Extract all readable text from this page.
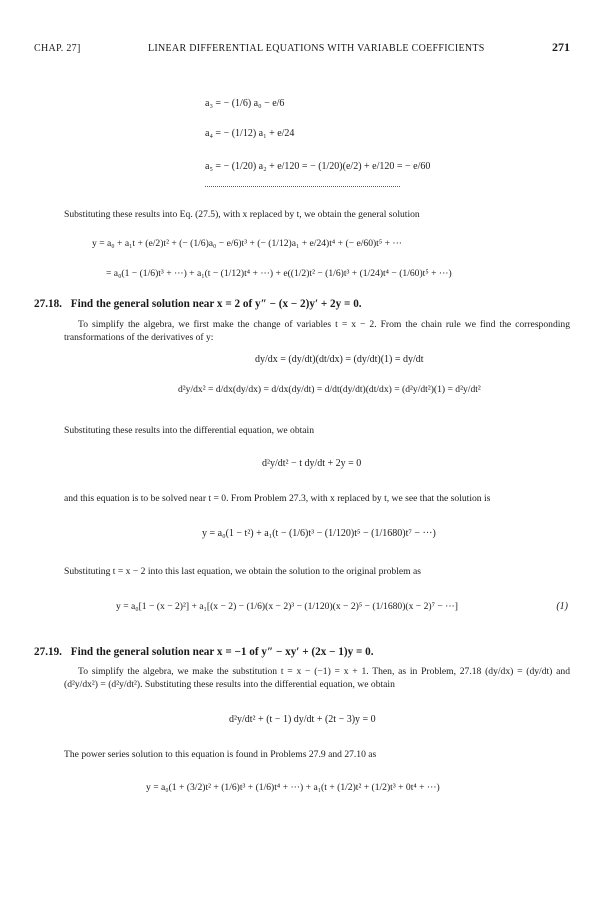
CHAP. 27]	LINEAR DIFFERENTIAL EQUATIONS WITH VARIABLE COEFFICIENTS	271
a₃ = − (1/6) a₀ − e/6
a₄ = − (1/12) a₁ + e/24
a₅ = − (1/20) a₂ + e/120 = − (1/20)(e/2) + e/120 = − e/60
Substituting these results into Eq. (27.5), with x replaced by t, we obtain the general solution
y = a₀ + a₁t + (e/2)t² + (− (1/6)a₀ − e/6)t³ + (− (1/12)a₁ + e/24)t⁴ + (− e/60)t⁵ + ···
= a₀(1 − (1/6)t³ + ···) + a₁(t − (1/12)t⁴ + ···) + e((1/2)t² − (1/6)t³ + (1/24)t⁴ − (1/60)t⁵ + ···)
27.18. Find the general solution near x = 2 of y″ − (x − 2)y′ + 2y = 0.
To simplify the algebra, we first make the change of variables t = x − 2. From the chain rule we find the corresponding transformations of the derivatives of y:
dy/dx = (dy/dt)(dt/dx) = (dy/dt)(1) = dy/dt
d²y/dx² = d/dx(dy/dx) = d/dx(dy/dt) = d/dt(dy/dt)(dt/dx) = (d²y/dt²)(1) = d²y/dt²
Substituting these results into the differential equation, we obtain
d²y/dt² − t dy/dt + 2y = 0
and this equation is to be solved near t = 0. From Problem 27.3, with x replaced by t, we see that the solution is
y = a₀(1 − t²) + a₁(t − (1/6)t³ − (1/120)t⁵ − (1/1680)t⁷ − ···)
Substituting t = x − 2 into this last equation, we obtain the solution to the original problem as
y = a₀[1 − (x − 2)²] + a₁[(x − 2) − (1/6)(x − 2)³ − (1/120)(x − 2)⁵ − (1/1680)(x − 2)⁷ − ···]	(1)
27.19. Find the general solution near x = −1 of y″ − xy′ + (2x − 1)y = 0.
To simplify the algebra, we make the substitution t = x − (−1) = x + 1. Then, as in Problem, 27.18 (dy/dx) = (dy/dt) and (d²y/dx²) = (d²y/dt²). Substituting these results into the differential equation, we obtain
d²y/dt² + (t − 1) dy/dt + (2t − 3)y = 0
The power series solution to this equation is found in Problems 27.9 and 27.10 as
y = a₀(1 + (3/2)t² + (1/6)t³ + (1/6)t⁴ + ···) + a₁(t + (1/2)t² + (1/2)t³ + 0t⁴ + ···)
